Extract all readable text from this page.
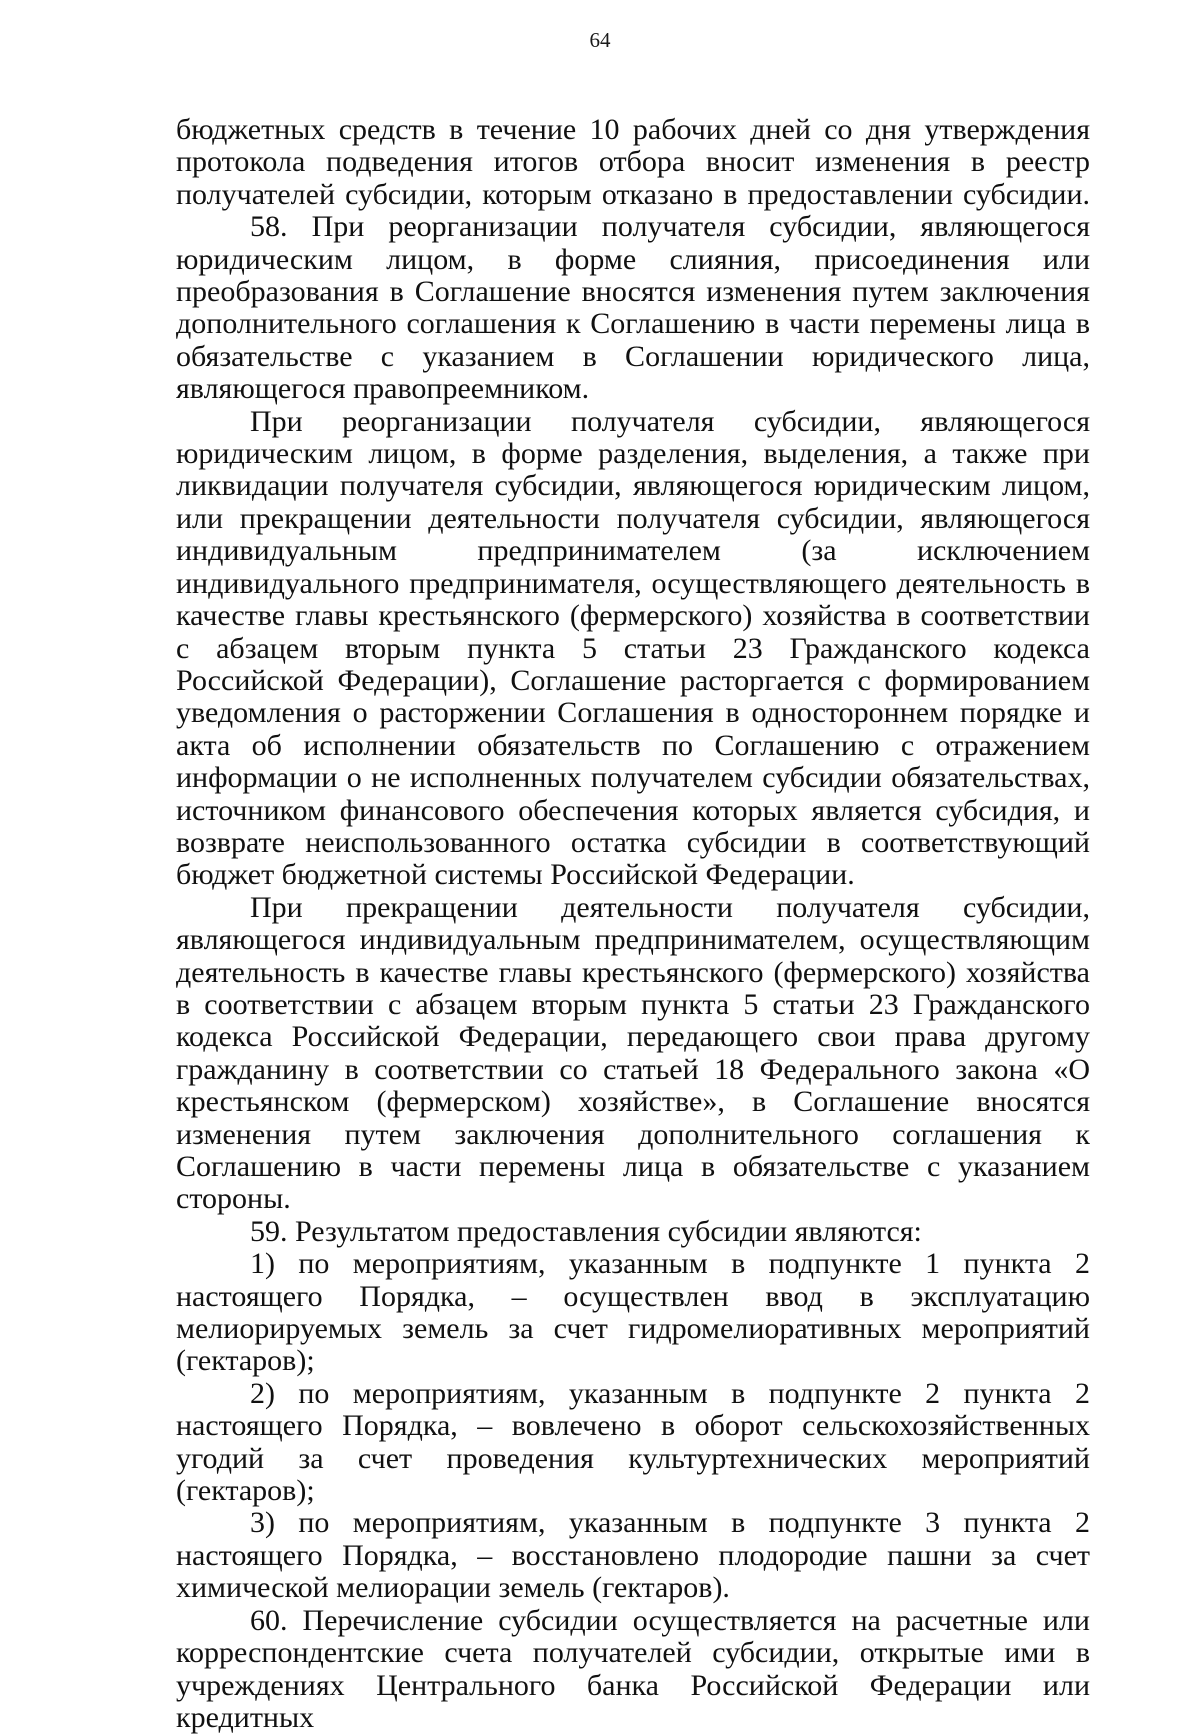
64

бюджетных средств в течение 10 рабочих дней со дня утверждения протокола подведения итогов отбора вносит изменения в реестр получателей субсидии, которым отказано в предоставлении субсидии.

58. При реорганизации получателя субсидии, являющегося юридическим лицом, в форме слияния, присоединения или преобразования в Соглашение вносятся изменения путем заключения дополнительного соглашения к Соглашению в части перемены лица в обязательстве с указанием в Соглашении юридического лица, являющегося правопреемником.

При реорганизации получателя субсидии, являющегося юридическим лицом, в форме разделения, выделения, а также при ликвидации получателя субсидии, являющегося юридическим лицом, или прекращении деятельности получателя субсидии, являющегося индивидуальным предпринимателем (за исключением индивидуального предпринимателя, осуществляющего деятельность в качестве главы крестьянского (фермерского) хозяйства в соответствии с абзацем вторым пункта 5 статьи 23 Гражданского кодекса Российской Федерации), Соглашение расторгается с формированием уведомления о расторжении Соглашения в одностороннем порядке и акта об исполнении обязательств по Соглашению с отражением информации о не исполненных получателем субсидии обязательствах, источником финансового обеспечения которых является субсидия, и возврате неиспользованного остатка субсидии в соответствующий бюджет бюджетной системы Российской Федерации.

При прекращении деятельности получателя субсидии, являющегося индивидуальным предпринимателем, осуществляющим деятельность в качестве главы крестьянского (фермерского) хозяйства в соответствии с абзацем вторым пункта 5 статьи 23 Гражданского кодекса Российской Федерации, передающего свои права другому гражданину в соответствии со статьей 18 Федерального закона «О крестьянском (фермерском) хозяйстве», в Соглашение вносятся изменения путем заключения дополнительного соглашения к Соглашению в части перемены лица в обязательстве с указанием стороны.

59. Результатом предоставления субсидии являются:

1) по мероприятиям, указанным в подпункте 1 пункта 2 настоящего Порядка, – осуществлен ввод в эксплуатацию мелиорируемых земель за счет гидромелиоративных мероприятий (гектаров);

2) по мероприятиям, указанным в подпункте 2 пункта 2 настоящего Порядка, – вовлечено в оборот сельскохозяйственных угодий за счет проведения культуртехнических мероприятий (гектаров);

3) по мероприятиям, указанным в подпункте 3 пункта 2 настоящего Порядка, – восстановлено плодородие пашни за счет химической мелиорации земель (гектаров).

60. Перечисление субсидии осуществляется на расчетные или корреспондентские счета получателей субсидии, открытые ими в учреждениях Центрального банка Российской Федерации или кредитных
